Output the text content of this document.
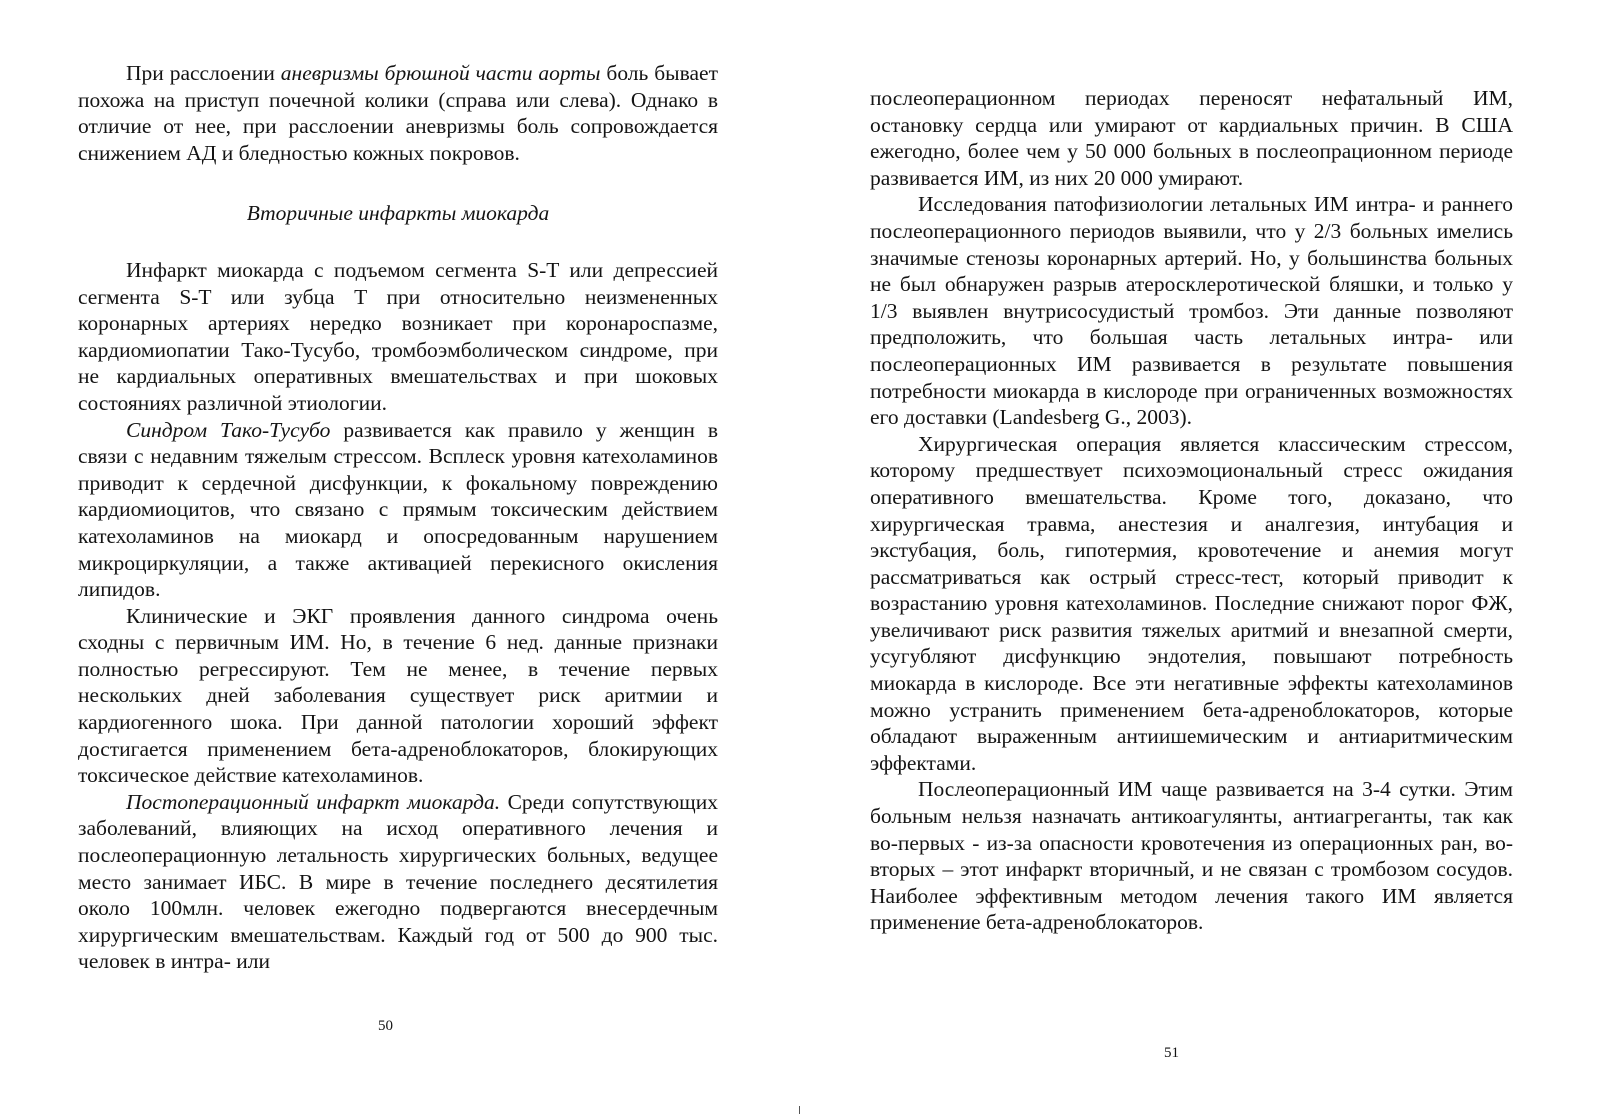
При расслоении аневризмы брюшной части аорты боль бывает похожа на приступ почечной колики (справа или слева). Однако в отличие от нее, при расслоении аневризмы боль сопровождается снижением АД и бледностью кожных покровов.

Вторичные инфаркты миокарда

Инфаркт миокарда с подъемом сегмента S-T или депрессией сегмента S-T или зубца T при относительно неизмененных коронарных артериях нередко возникает при коронароспазме, кардиомиопатии Тако-Тусубо, тромбоэмболическом синдроме, при не кардиальных оперативных вмешательствах и при шоковых состояниях различной этиологии.

Синдром Тако-Тусубо развивается как правило у женщин в связи с недавним тяжелым стрессом. Всплеск уровня катехоламинов приводит к сердечной дисфункции, к фокальному повреждению кардиомиоцитов, что связано с прямым токсическим действием катехоламинов на миокард и опосредованным нарушением микроциркуляции, а также активацией перекисного окисления липидов.

Клинические и ЭКГ проявления данного синдрома очень сходны с первичным ИМ. Но, в течение 6 нед. данные признаки полностью регрессируют. Тем не менее, в течение первых нескольких дней заболевания существует риск аритмии и кардиогенного шока. При данной патологии хороший эффект достигается применением бета-адреноблокаторов, блокирующих токсическое действие катехоламинов.

Постоперационный инфаркт миокарда. Среди сопутствующих заболеваний, влияющих на исход оперативного лечения и послеоперационную летальность хирургических больных, ведущее место занимает ИБС. В мире в течение последнего десятилетия около 100млн. человек ежегодно подвергаются внесердечным хирургическим вмешательствам. Каждый год от 500 до 900 тыс. человек в интра- или

50

послеоперационном периодах переносят нефатальный ИМ, остановку сердца или умирают от кардиальных причин. В США ежегодно, более чем у 50 000 больных в послеопрационном периоде развивается ИМ, из них 20 000 умирают.

Исследования патофизиологии летальных ИМ интра- и раннего послеоперационного периодов выявили, что у 2/3 больных имелись значимые стенозы коронарных артерий. Но, у большинства больных не был обнаружен разрыв атеросклеротической бляшки, и только у 1/3 выявлен внутрисосудистый тромбоз. Эти данные позволяют предположить, что большая часть летальных интра- или послеоперационных ИМ развивается в результате повышения потребности миокарда в кислороде при ограниченных возможностях его доставки (Landesberg G., 2003).

Хирургическая операция является классическим стрессом, которому предшествует психоэмоциональный стресс ожидания оперативного вмешательства. Кроме того, доказано, что хирургическая травма, анестезия и аналгезия, интубация и экстубация, боль, гипотермия, кровотечение и анемия могут рассматриваться как острый стресс-тест, который приводит к возрастанию уровня катехоламинов. Последние снижают порог ФЖ, увеличивают риск развития тяжелых аритмий и внезапной смерти, усугубляют дисфункцию эндотелия, повышают потребность миокарда в кислороде. Все эти негативные эффекты катехоламинов можно устранить применением бета-адреноблокаторов, которые обладают выраженным антиишемическим и антиаритмическим эффектами.

Послеоперационный ИМ чаще развивается на 3-4 сутки. Этим больным нельзя назначать антикоагулянты, антиагреганты, так как во-первых - из-за опасности кровотечения из операционных ран, во-вторых – этот инфаркт вторичный, и не связан с тромбозом сосудов. Наиболее эффективным методом лечения такого ИМ является применение бета-адреноблокаторов.

51
